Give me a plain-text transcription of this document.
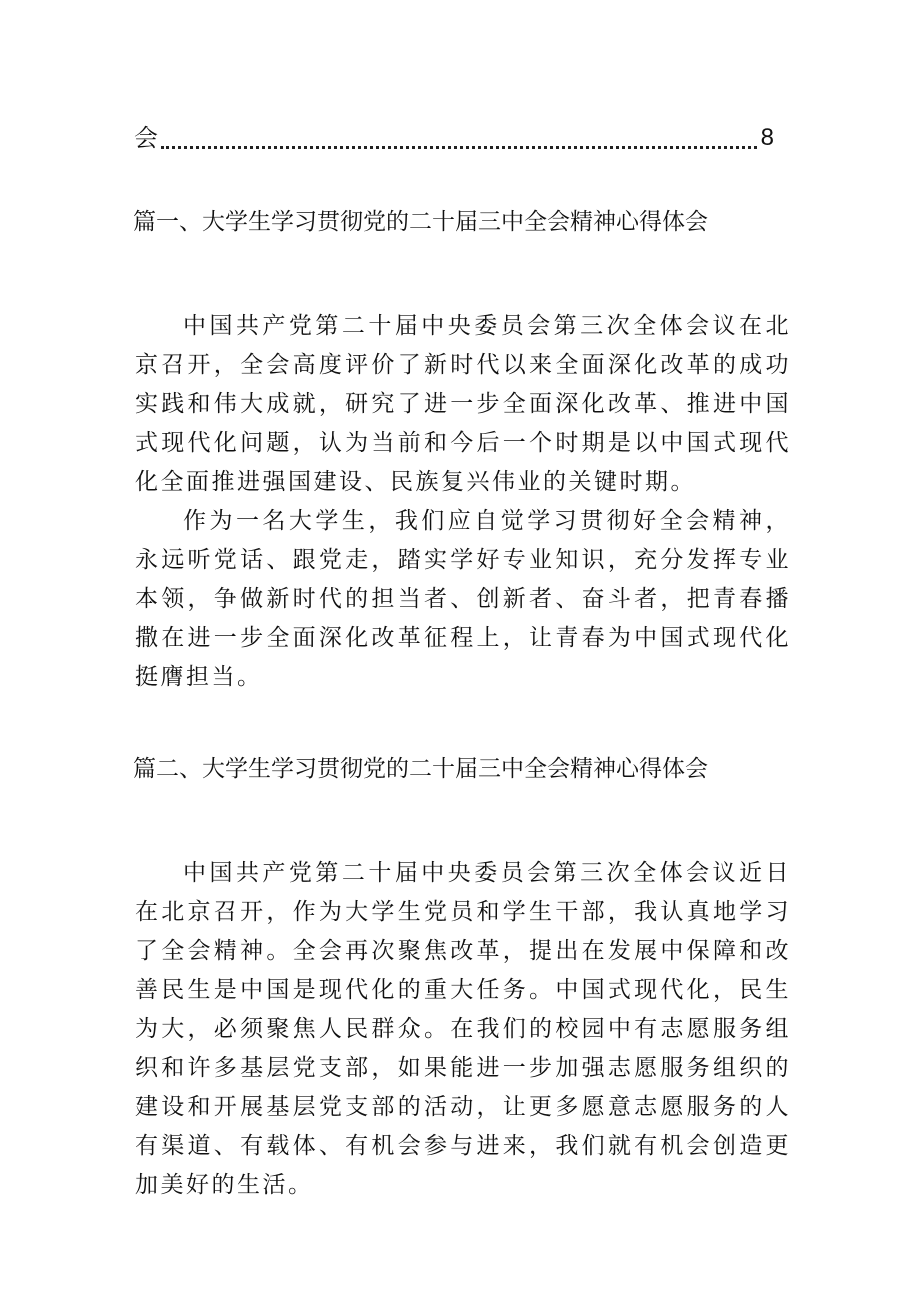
会	8
篇一、大学生学习贯彻党的二十届三中全会精神心得体会

中国共产党第二十届中央委员会第三次全体会议在北京召开，全会高度评价了新时代以来全面深化改革的成功实践和伟大成就，研究了进一步全面深化改革、推进中国式现代化问题，认为当前和今后一个时期是以中国式现代化全面推进强国建设、民族复兴伟业的关键时期。

作为一名大学生，我们应自觉学习贯彻好全会精神，永远听党话、跟党走，踏实学好专业知识，充分发挥专业本领，争做新时代的担当者、创新者、奋斗者，把青春播撒在进一步全面深化改革征程上，让青春为中国式现代化挺膺担当。

篇二、大学生学习贯彻党的二十届三中全会精神心得体会

中国共产党第二十届中央委员会第三次全体会议近日在北京召开，作为大学生党员和学生干部，我认真地学习了全会精神。全会再次聚焦改革，提出在发展中保障和改善民生是中国是现代化的重大任务。中国式现代化，民生为大，必须聚焦人民群众。在我们的校园中有志愿服务组织和许多基层党支部，如果能进一步加强志愿服务组织的建设和开展基层党支部的活动，让更多愿意志愿服务的人有渠道、有载体、有机会参与进来，我们就有机会创造更加美好的生活。
